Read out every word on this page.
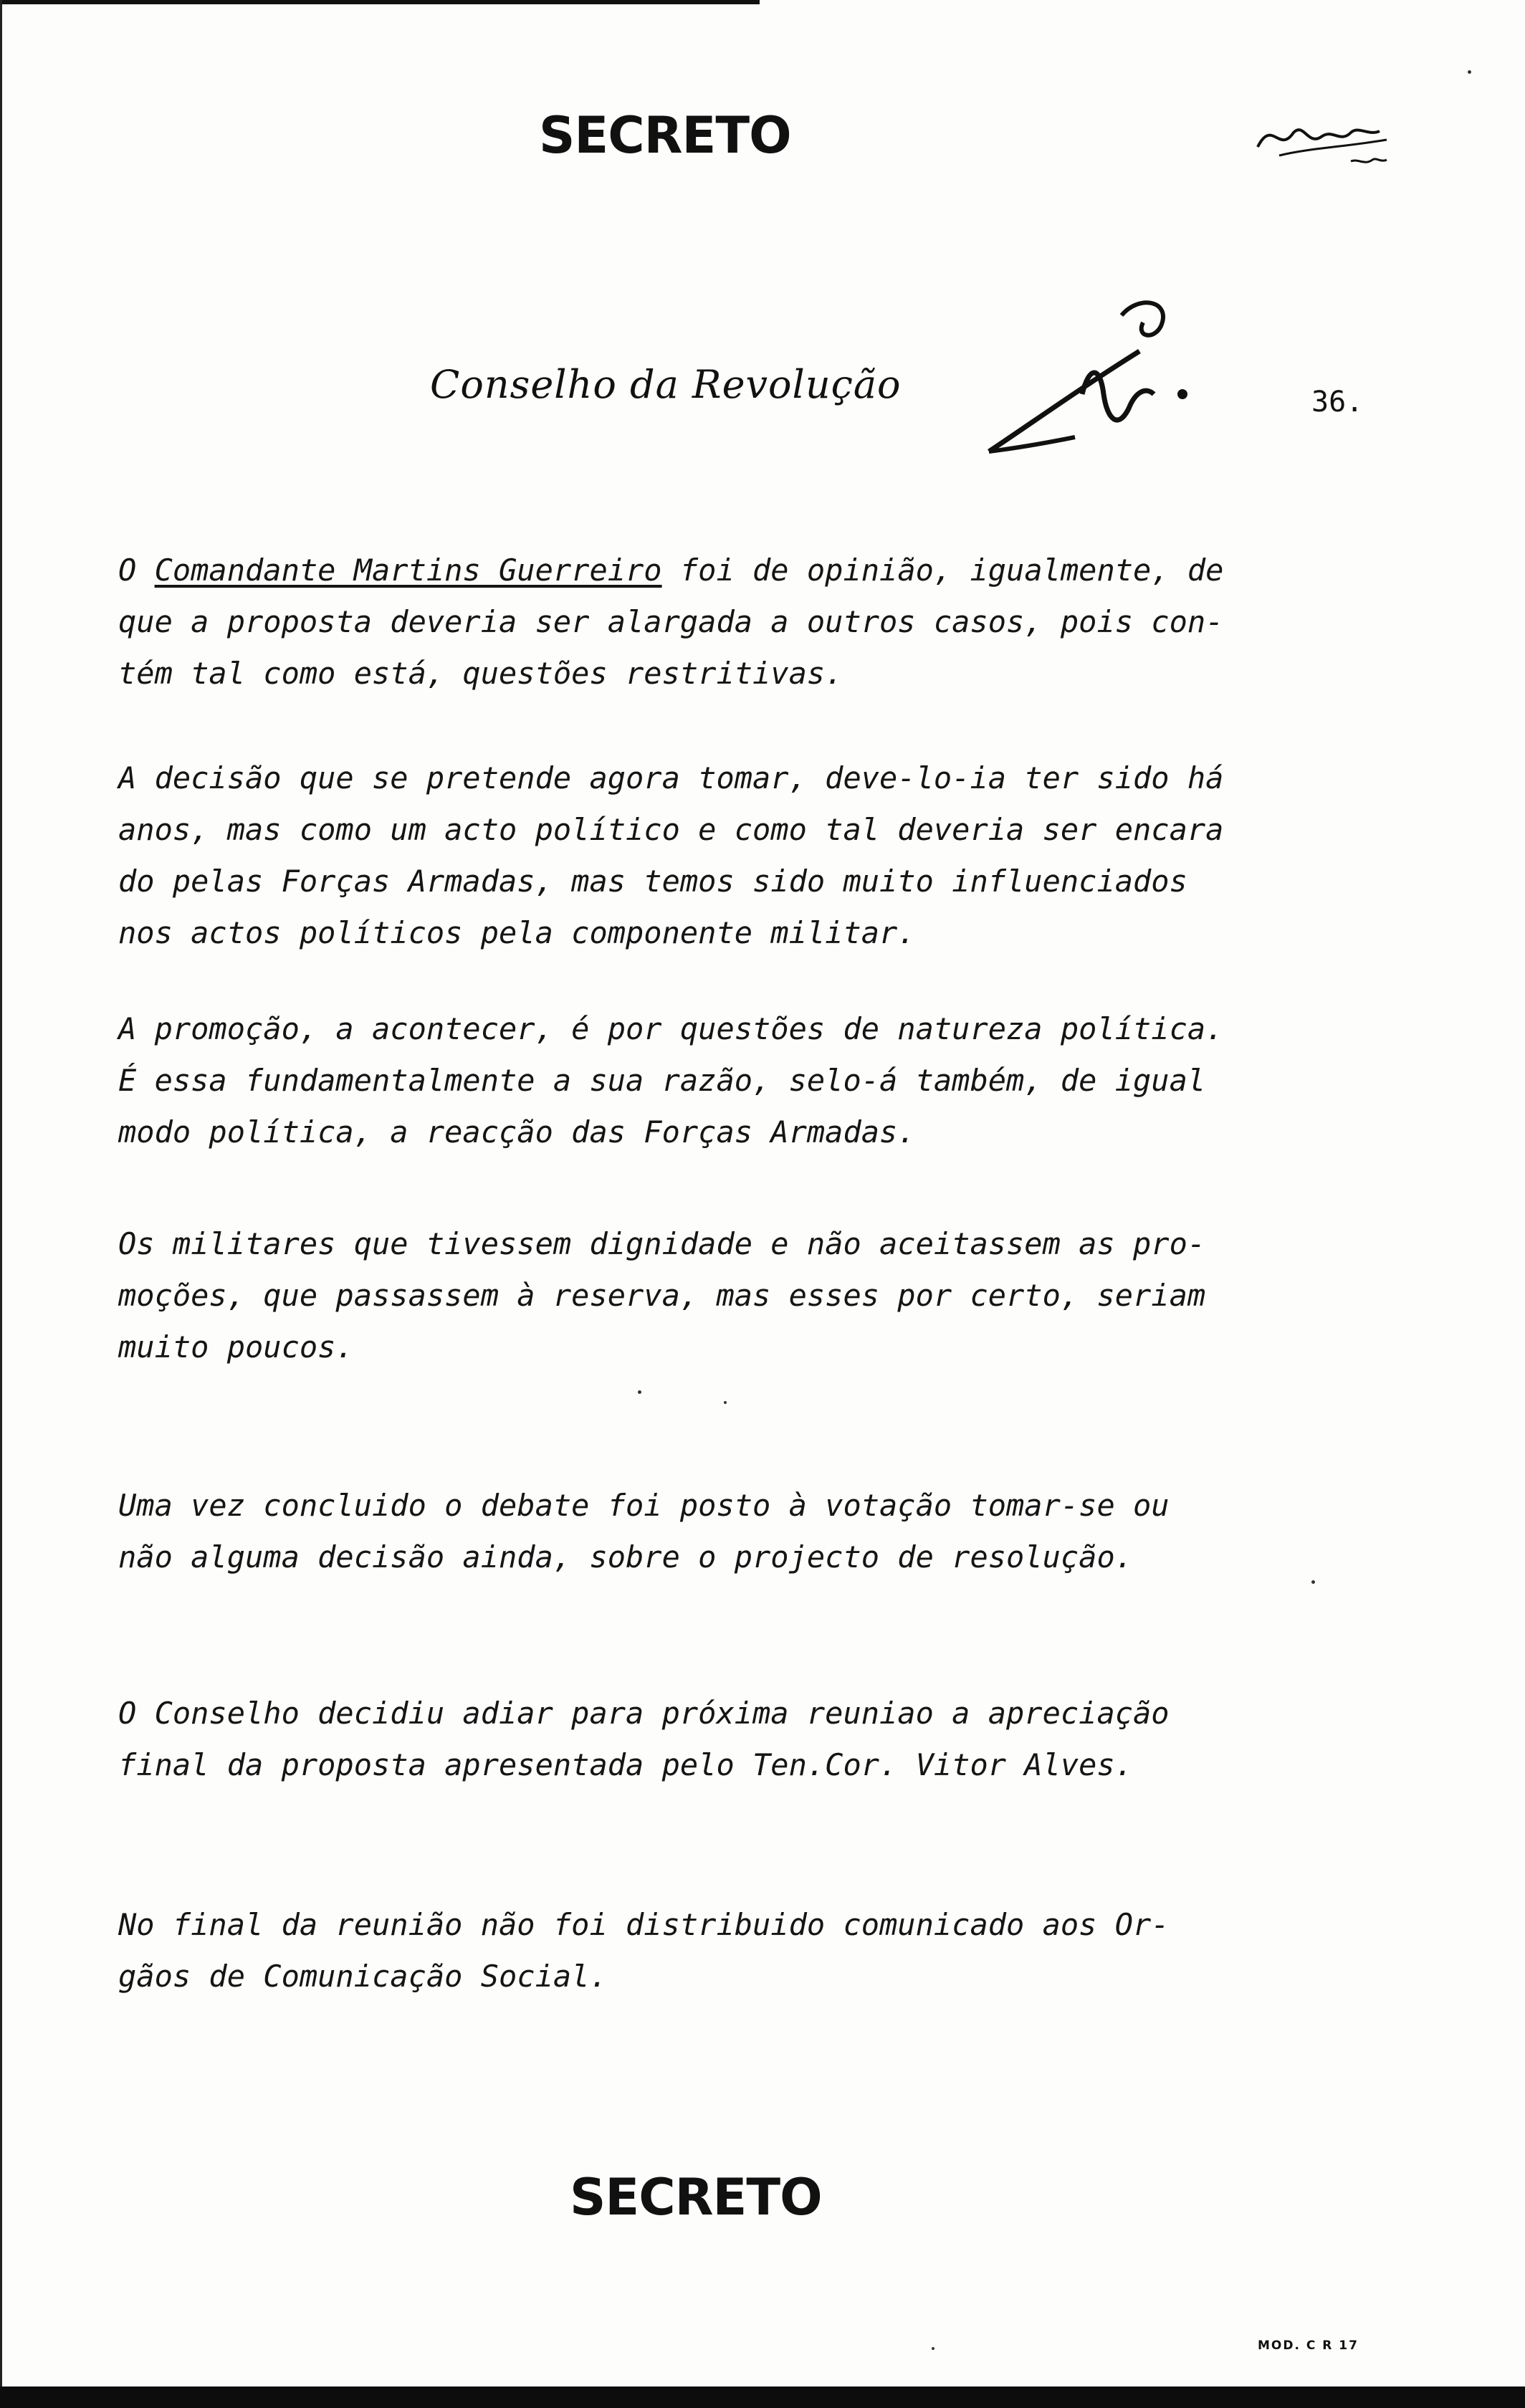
SECRETO
Conselho da Revolução	36.
O Comandante Martins Guerreiro foi de opinião, igualmente, de
que a proposta deveria ser alargada a outros casos, pois con-
tém tal como está, questões restritivas.
A decisão que se pretende agora tomar, deve-lo-ia ter sido há
anos, mas como um acto político e como tal deveria ser encara
do pelas Forças Armadas, mas temos sido muito influenciados
nos actos políticos pela componente militar.
A promoção, a acontecer, é por questões de natureza política.
É essa fundamentalmente a sua razão, selo-á também, de igual
modo política, a reacção das Forças Armadas.
Os militares que tivessem dignidade e não aceitassem as pro-
moções, que passassem à reserva, mas esses por certo, seriam
muito poucos.
Uma vez concluido o debate foi posto à votação tomar-se ou
não alguma decisão ainda, sobre o projecto de resolução.
O Conselho decidiu adiar para próxima reuniao a apreciação
final da proposta apresentada pelo Ten.Cor. Vitor Alves.
No final da reunião não foi distribuido comunicado aos Or-
gãos de Comunicação Social.
SECRETO
MOD. C R 17
